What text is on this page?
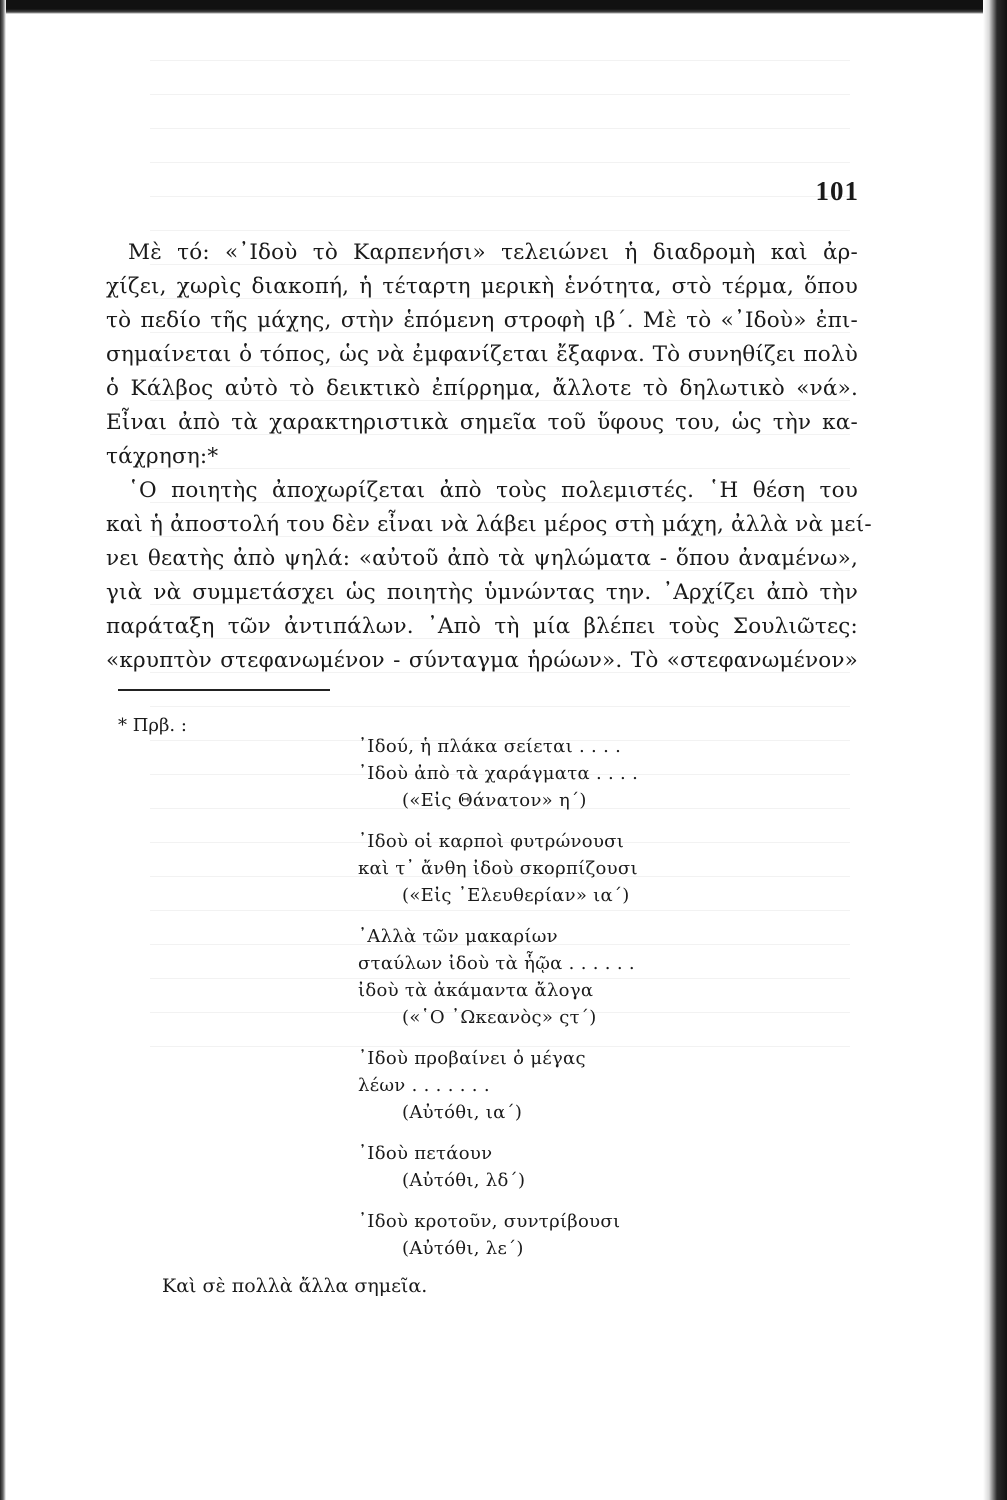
101
Μὲ τό: «᾿Ιδοὺ τὸ Καρπενήσι» τελειώνει ἡ διαδρομὴ καὶ ἀρ-
χίζει, χωρὶς διακοπή, ἡ τέταρτη μερικὴ ἑνότητα, στὸ τέρμα, ὅπου
τὸ πεδίο τῆς μάχης, στὴν ἑπόμενη στροφὴ ιβ΄. Μὲ τὸ «᾿Ιδοὺ» ἐπι-
σημαίνεται ὁ τόπος, ὡς νὰ ἐμφανίζεται ἔξαφνα. Τὸ συνηθίζει πολὺ
ὁ Κάλβος αὐτὸ τὸ δεικτικὸ ἐπίρρημα, ἄλλοτε τὸ δηλωτικὸ «νά».
Εἶναι ἀπὸ τὰ χαρακτηριστικὰ σημεῖα τοῦ ὕφους του, ὡς τὴν κα-
τάχρηση:*
῾Ο ποιητὴς ἀποχωρίζεται ἀπὸ τοὺς πολεμιστές. ῾Η θέση του
καὶ ἡ ἀποστολή του δὲν εἶναι νὰ λάβει μέρος στὴ μάχη, ἀλλὰ νὰ μεί-
νει θεατὴς ἀπὸ ψηλά: «αὐτοῦ ἀπὸ τὰ ψηλώματα - ὅπου ἀναμένω»,
γιὰ νὰ συμμετάσχει ὡς ποιητὴς ὑμνώντας την. ᾿Αρχίζει ἀπὸ τὴν
παράταξη τῶν ἀντιπάλων. ᾿Απὸ τὴ μία βλέπει τοὺς Σουλιῶτες:
«κρυπτὸν στεφανωμένον - σύνταγμα ἡρώων». Τὸ «στεφανωμένον»
* Πρβ. :
᾿Ιδού, ἡ πλάκα σείεται . . . .
᾿Ιδοὺ ἀπὸ τὰ χαράγματα . . . .
(«Εἰς Θάνατον» η΄)
᾿Ιδοὺ οἱ καρποὶ φυτρώνουσι
καὶ τ᾿ ἄνθη ἰδοὺ σκορπίζουσι
(«Εἰς ᾿Ελευθερίαν» ια΄)
᾿Αλλὰ τῶν μακαρίων
σταύλων ἰδοὺ τὰ ἧῷα . . . . . .
ἰδοὺ τὰ ἀκάμαντα ἄλογα
(«῾Ο ᾿Ωκεανὸς» ςτ΄)
᾿Ιδοὺ προβαίνει ὁ μέγας
λέων . . . . . . .
(Αὐτόθι, ια΄)
᾿Ιδοὺ πετάουν
(Αὐτόθι, λδ΄)
᾿Ιδοὺ κροτοῦν, συντρίβουσι
(Αὐτόθι, λε΄)
Καὶ σὲ πολλὰ ἄλλα σημεῖα.
